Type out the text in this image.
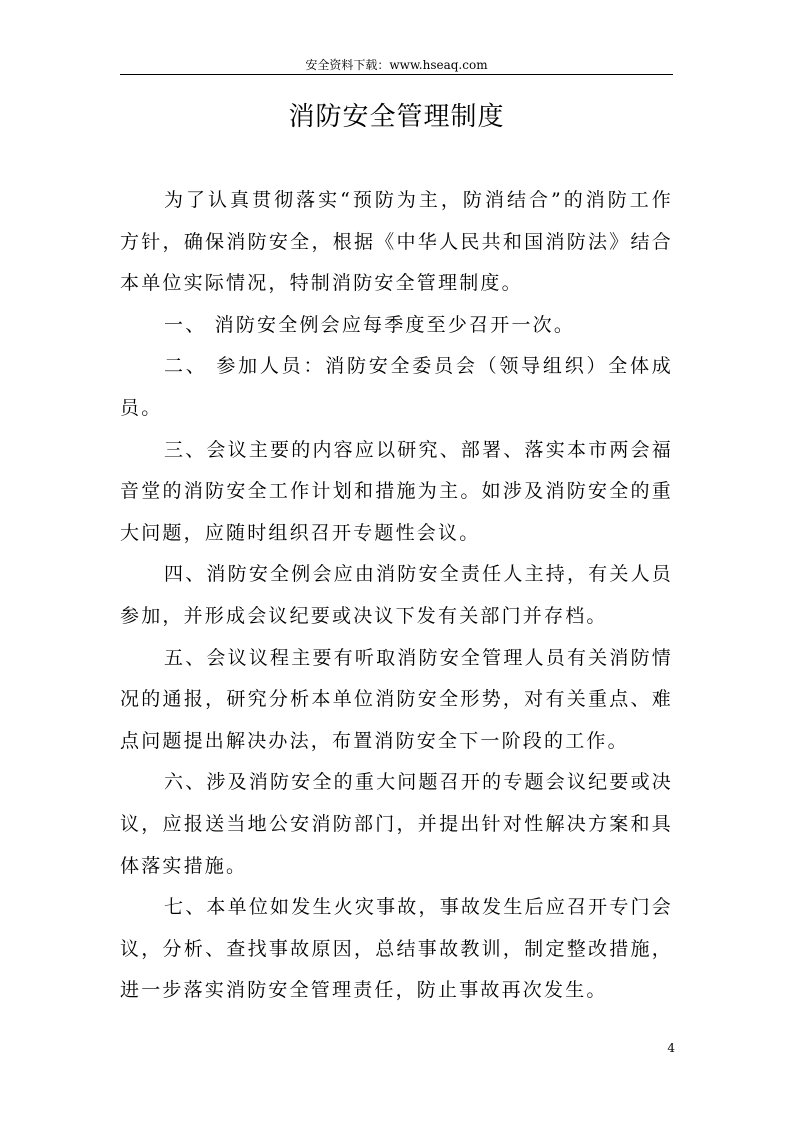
安全资料下载：www.hseaq.com
消防安全管理制度

为了认真贯彻落实“预防为主，防消结合”的消防工作方针，确保消防安全，根据《中华人民共和国消防法》结合本单位实际情况，特制消防安全管理制度。

一、 消防安全例会应每季度至少召开一次。

二、 参加人员：消防安全委员会（领导组织）全体成员。

三、会议主要的内容应以研究、部署、落实本市两会福音堂的消防安全工作计划和措施为主。如涉及消防安全的重大问题，应随时组织召开专题性会议。

四、消防安全例会应由消防安全责任人主持，有关人员参加，并形成会议纪要或决议下发有关部门并存档。

五、会议议程主要有听取消防安全管理人员有关消防情况的通报，研究分析本单位消防安全形势，对有关重点、难点问题提出解决办法，布置消防安全下一阶段的工作。

六、涉及消防安全的重大问题召开的专题会议纪要或决议，应报送当地公安消防部门，并提出针对性解决方案和具体落实措施。

七、本单位如发生火灾事故，事故发生后应召开专门会议，分析、查找事故原因，总结事故教训，制定整改措施，进一步落实消防安全管理责任，防止事故再次发生。

4
